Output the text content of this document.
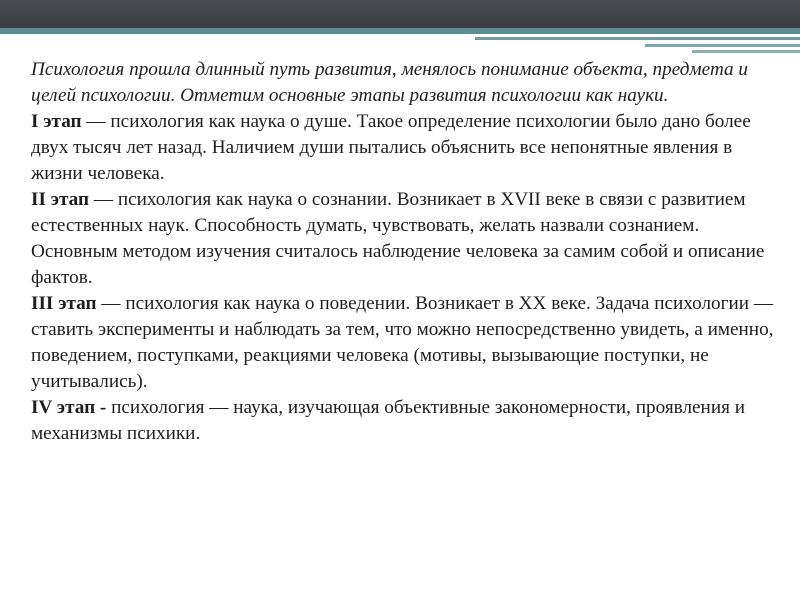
Психология прошла длинный путь развития, менялось понимание объекта, предмета и целей психологии. Отметим основные этапы развития психологии как науки.

I этап — психология как наука о душе. Такое определение психологии было дано более двух тысяч лет назад. Наличием души пытались объяснить все непонятные явления в жизни человека.

II этап — психология как наука о сознании. Возникает в XVII веке в связи с развитием естественных наук. Способность думать, чувствовать, желать назвали сознанием. Основным методом изучения считалось наблюдение человека за самим собой и описание фактов.

III этап — психология как наука о поведении. Возникает в XX веке. Задача психологии — ставить эксперименты и наблюдать за тем, что можно непосредственно увидеть, а именно, поведением, поступками, реакциями человека (мотивы, вызывающие поступки, не учитывались).

IV этап - психология — наука, изучающая объективные закономерности, проявления и механизмы психики.
